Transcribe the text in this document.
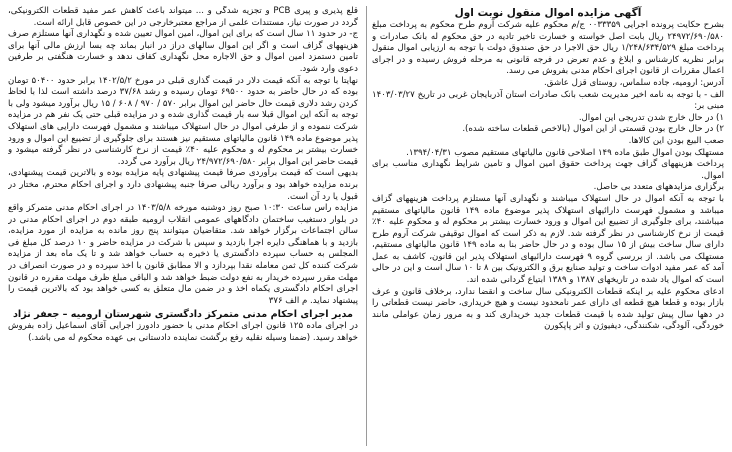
آگهی مزایده اموال منقول نوبت اول

بشرح حکایت پرونده اجرایی ۰۰۳۳۳۵۹ ج/م محکوم علیه شرکت آروم طرح محکوم به پرداخت مبلغ ۲۴۹۷۲/۶۹۰/۵۸۰ ریال بابت اصل خواسته و خسارت تاخیر تادیه در حق محکوم له بانک صادرات و پرداخت مبلغ ۱/۲۴۸/۶۳۴/۵۲۹ ریال حق الاجرا در حق صندوق دولت با توجه به ارزیابی اموال منقول برابر نظریه کارشناس و ابلاغ و عدم تعرض در فرجه قانونی به مرحله فروش رسیده و در اجرای اعمال مقررات از قانون اجرای احکام مدنی بفروش می رسد.

آدرس: ارومیه، جاده سلماس، روستای قزل عاشق.

الف - با توجه به نامه اخیر مدیریت شعب بانک صادرات استان آذربایجان غربی در تاریخ ۱۴۰۳/۰۳/۲۷ مبنی بر:

۱) در حال خارج شدن تدریجی این اموال.

۲) در حال خارج بودن قسمتی از این اموال (بالاخص قطعات ساخته شده).

صعب البیع بودن این کالاها.

مستهلک بودن اموال طبق ماده ۱۴۹ اصلاحی قانون مالیاتهای مستقیم مصوب ۱۳۹۴/۰۴/۳۱.

پرداخت هزینههای گزاف جهت پرداخت حقوق امین اموال و تامین شرایط نگهداری مناسب برای اموال.

برگزاری مزایدههای متعدد بی حاصل.

با توجه به آنکه اموال در حال استهلاک میباشند و نگهداری آنها مستلزم پرداخت هزینههای گزاف میباشد و مشمول فهرست دارائیهای استهلاک پذیر موضوع ماده ۱۴۹ قانون مالیاتهای مستقیم میباشند، برای جلوگیری از تضییع این اموال و ورود خسارت بیشتر بر محکوم له و محکوم علیه ۴۰٪ قیمت از نرخ کارشناسی در نظر گرفته شد. لازم به ذکر است که اموال توقیفی شرکت آروم طرح دارای سال ساخت بیش از ۱۵ سال بوده و در حال حاضر بنا به ماده ۱۴۹ قانون مالیاتهای مستقیم، مستهلک می باشد. از بررسی گروه ۹ فهرست دارائیهای استهلاک پذیر این قانون، کاشف به عمل آمد که عمر مفید ادوات ساخت و تولید صنایع برق و الکترونیک بین ۸ تا ۱۰ سال است و این در حالی است که اموال یاد شده در تاریخهای ۱۳۸۷ و ۱۳۸۹ ابتیاع گردانی شده اند.

ادعای محکوم علیه بر اینکه قطعات الکترونیکی سال ساخت و انقضا ندارد، برخلاف قانون و عرف بازار بوده و قطعا هیچ قطعه ای دارای عمر نامحدود نیست و هیچ خریداری، حاضر نیست قطعاتی را در دهها سال پیش تولید شده با قیمت قطعات جدید خریداری کند و به مرور زمان عواملی مانند خوردگی، آلودگی، شکنندگی، دیفیوژن و اثر پاپکورن

قلع پذیری و پیری PCB و تجزیه شدگی و ... میتواند باعث کاهش عمر مفید قطعات الکترونیکی، گردد در صورت نیاز، مستندات علمی از مراجع معتبرخارجی در این خصوص قابل ارائه است.

ج- در حدود ۱۱ سال است که برای این اموال، امین اموال تعیین شده و نگهداری آنها مستلزم صرف هزینههای گزاف است و اگر این اموال سالهای دراز در انبار بماند چه بسا ارزش مالی آنها برای تامین دستمزد امین اموال و حق الاجاره محل نگهداری کفاف ندهد و خسارت هنگفتی بر طرفین دعوی وارد شود.

نهایتا با توجه به آنکه قیمت دلار در قیمت گذاری قبلی در مورخ ۱۴۰۲/۵/۲ برابر حدود ۵۰۴۰۰ تومان بوده که در حال حاضر به حدود ۶۹۵۰۰ تومان رسیده و رشد ۳۷/۶۸ درصد داشته است لذا با لحاظ کردن رشد دلاری قیمت حال حاضر این اموال برابر ۵۷۰ / ۹۷۰ / ۶۰۸ / ۱۵ ریال برآورد میشود ولی با توجه به آنکه این اموال قبلا سه بار قیمت گذاری شده و در مزایده قبلی حتی یک نفر هم در مزایده شرکت ننموده و از طرفی اموال در حال استهلاک میباشند و مشمول فهرست دارایی های استهلاک پذیر موضوع ماده ۱۴۹ قانون مالیاتهای مستقیم نیز هستند برای جلوگیری از تضییع این اموال و ورود خسارت بیشتر بر محکوم له و محکوم علیه ۴۰٪ قیمت از نرخ کارشناسی در نظر گرفته میشود و قیمت حاضر این اموال برابر ۲۴/۹۷۲/۶۹۰/۵۸۰ ریال برآورد می گردد.

بدیهی است که قیمت برآوردی صرفا قیمت پیشنهادی پایه مزایده بوده و بالاترین قیمت پیشنهادی، برنده مزایده خواهد بود و برآورد ریالی صرفا جنبه پیشنهادی دارد و اجرای احکام محترم، مختار در قبول یا رد آن است.

مزایده راس ساعت ۱۰:۳۰ صبح روز دوشنبه مورخه ۱۴۰۳/۵/۸ در اجرای احکام مدنی متمرکز واقع در بلوار دستغیب ساختمان دادگاههای عمومی انقلاب ارومیه طبقه دوم در اجرای احکام مدنی در سالن اجتماعات برگزار خواهد شد. متقاضیان میتوانند پنج روز مانده به مزایده از مورد مزایده، بازدید و با هماهنگی دایره اجرا بازدید و سپس با شرکت در مزایده حاضر و ۱۰ درصد کل مبلغ فی المجلس به حساب سپرده دادگستری یا ذخیره به حساب خواهد شد و تا یک ماه بعد از مزایده شرکت کننده کل ثمن معامله نقدا بپردازد و الا مطابق قانون با اخذ سپرده و در صورت انصراف در مهلت مقرر سپرده خریدار به نفع دولت ضبط خواهد شد و الباقی مبلغ ظرف مهلت مقرره در قانون اجرای احکام دادگستری یکماه اخذ و در ضمن مال متعلق به کسی خواهد بود که بالاترین قیمت را پیشنهاد نماید. م الف ۳۷۶

مدیر اجرای احکام مدنی متمرکز دادگستری شهرستان ارومیه – جعفر نژاد

در اجرای ماده ۱۲۵ قانون اجرای احکام مدنی با حضور دادورز اجرایی آقای اسماعیل زاده بفروش خواهد رسید. (ضمنا وسیله نقلیه رفع برگشت نماینده دادستانی بی عهده محکوم له می باشد.)
